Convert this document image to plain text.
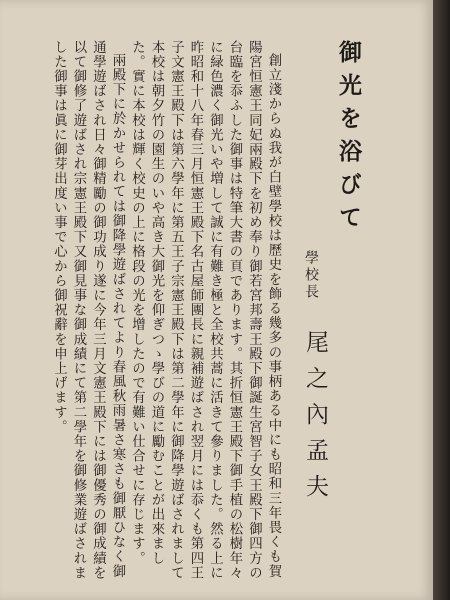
御光を浴びて
學校長
尾之內孟夫

創立淺からぬ我が白壁學校は歷史を飾る幾多の事柄ある中にも昭和三年畏くも賀陽宮恒憲王同妃兩殿下を初め奉り御若宮邦壽王殿下御誕生宮智子女王殿下御四方の台臨を忝ふした御事は特筆大書の頁であります。其折恒憲王殿下御手植の松樹年々に緑色濃く御光いや増して誠に有難き極と全校共蒿に活きて參りました。然る上に昨昭和十八年春三月恒憲王殿下名古屋師團長に親補遊ばされ翌月には忝くも第四王子文憲王殿下は第六學年に第五王子宗憲王殿下は第二學年に御降學遊ばされまして本校は朝夕竹の園生のいや高き大御光を仰ぎつゝ學びの道に勵むことが出來ました。實に本校は輝く校史の上に格段の光を增したので有難い仕合せに存じます。

兩殿下に於かせられては御降學遊ばされてより春風秋雨暑さ寒さも御厭ひなく御通學遊ばされ日々御精勵の御功成り遂に今年三月文憲王殿下には御優秀の御成績を以て御修了遊ばされ宗憲王殿下又御見事な御成績にて第二學年を御修業遊ばされました御事は眞に御芽出度い事で心から御祝辭を申上げます。
